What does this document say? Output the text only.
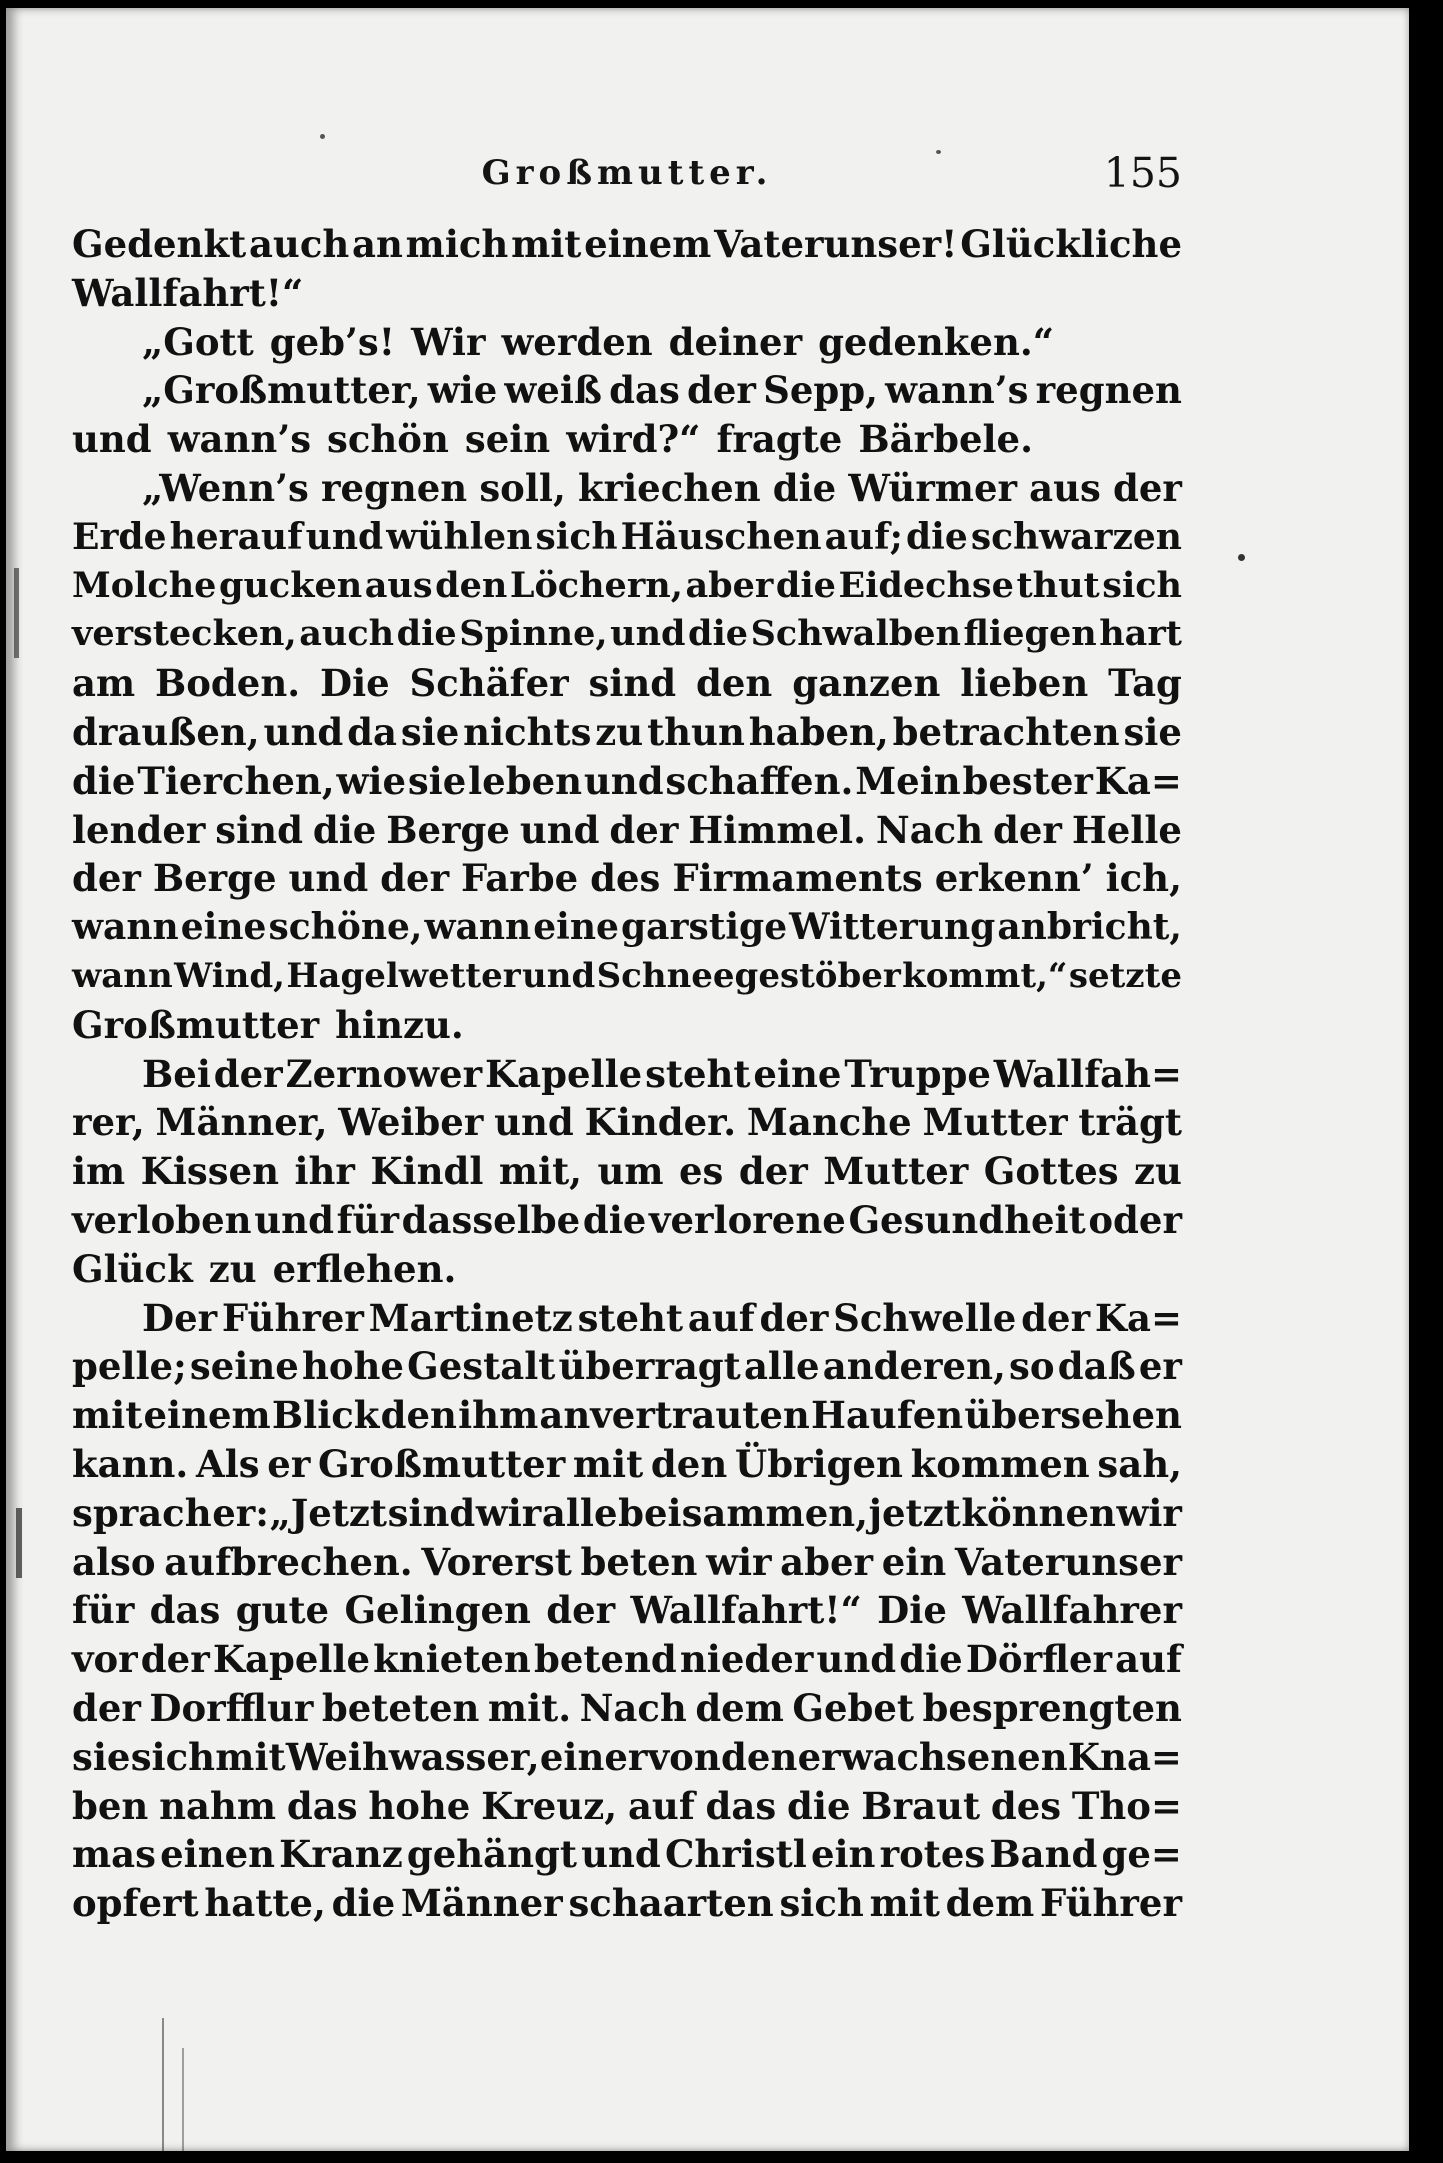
Großmutter.	155
Gedenkt auch an mich mit einem Vaterunser! Glückliche
Wallfahrt!“
„Gott geb’s! Wir werden deiner gedenken.“
„Großmutter, wie weiß das der Sepp, wann’s regnen
und wann’s schön sein wird?“ fragte Bärbele.
„Wenn’s regnen soll, kriechen die Würmer aus der
Erde herauf und wühlen sich Häuschen auf; die schwarzen
Molche gucken aus den Löchern, aber die Eidechse thut sich
verstecken, auch die Spinne, und die Schwalben fliegen hart
am Boden. Die Schäfer sind den ganzen lieben Tag
draußen, und da sie nichts zu thun haben, betrachten sie
die Tierchen, wie sie leben und schaffen. Mein bester Ka=
lender sind die Berge und der Himmel. Nach der Helle
der Berge und der Farbe des Firmaments erkenn’ ich,
wann eine schöne, wann eine garstige Witterung anbricht,
wann Wind, Hagelwetter und Schneegestöber kommt,“ setzte
Großmutter hinzu.
Bei der Zernower Kapelle steht eine Truppe Wallfah=
rer, Männer, Weiber und Kinder. Manche Mutter trägt
im Kissen ihr Kindl mit, um es der Mutter Gottes zu
verloben und für dasselbe die verlorene Gesundheit oder
Glück zu erflehen.
Der Führer Martinetz steht auf der Schwelle der Ka=
pelle; seine hohe Gestalt überragt alle anderen, so daß er
mit einem Blick den ihm anvertrauten Haufen übersehen
kann. Als er Großmutter mit den Übrigen kommen sah,
sprach er: „Jetzt sind wir alle beisammen, jetzt können wir
also aufbrechen. Vorerst beten wir aber ein Vaterunser
für das gute Gelingen der Wallfahrt!“ Die Wallfahrer
vor der Kapelle knieten betend nieder und die Dörfler auf
der Dorfflur beteten mit. Nach dem Gebet besprengten
sie sich mit Weihwasser, einer von den erwachsenen Kna=
ben nahm das hohe Kreuz, auf das die Braut des Tho=
mas einen Kranz gehängt und Christl ein rotes Band ge=
opfert hatte, die Männer schaarten sich mit dem Führer
